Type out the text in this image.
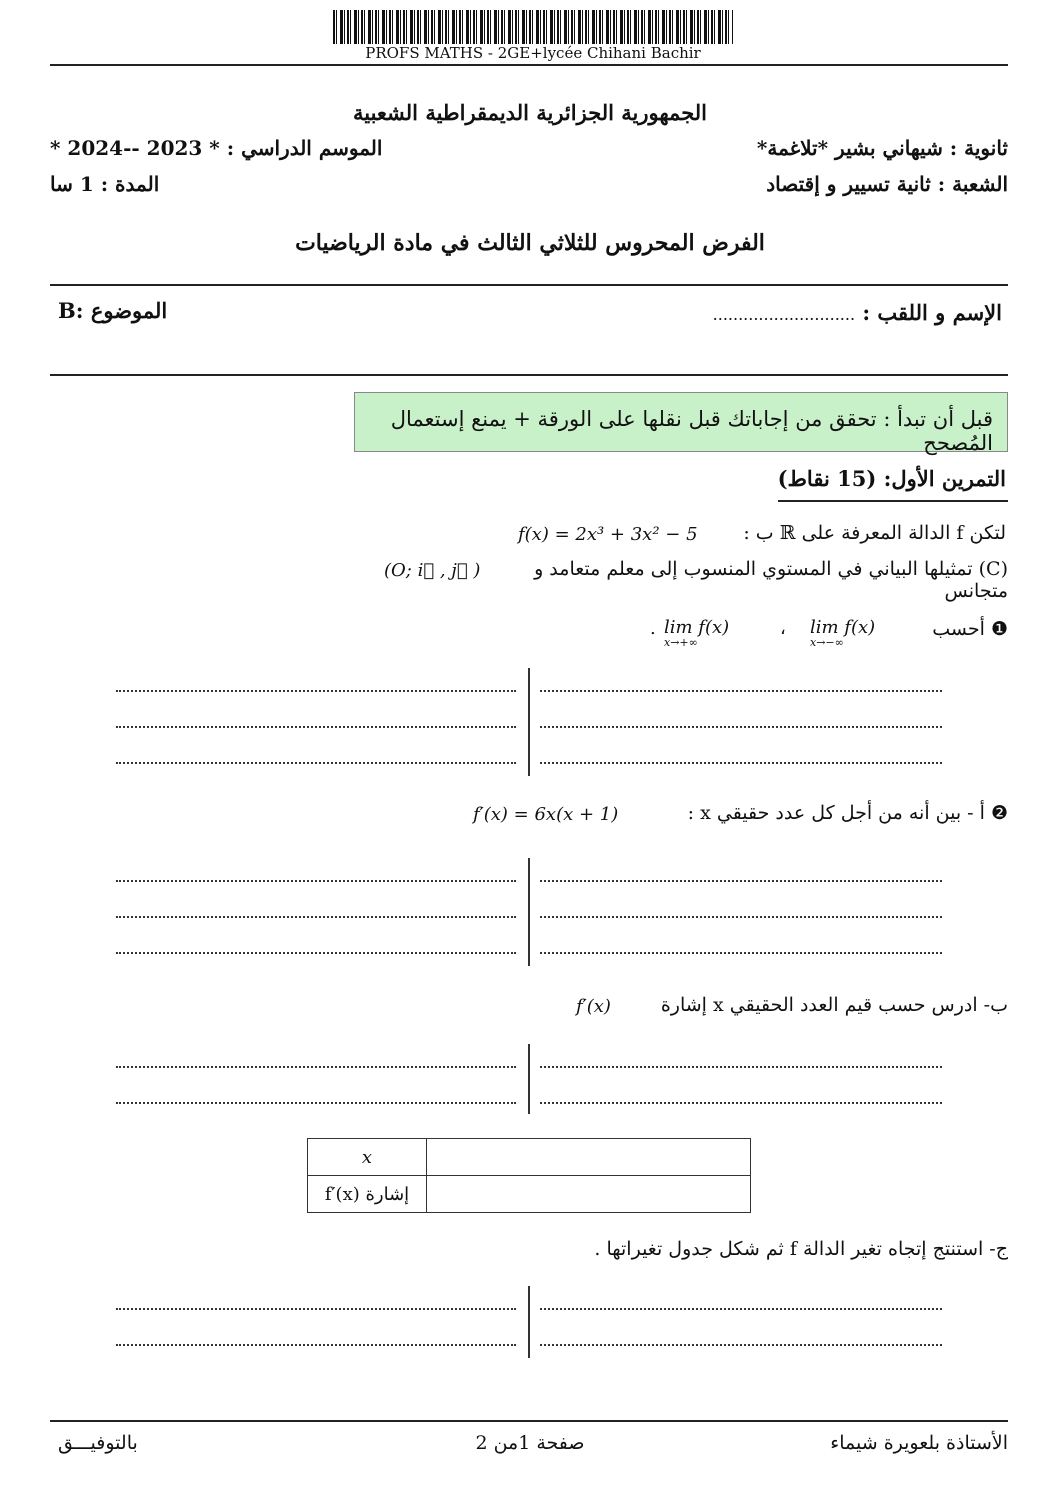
PROFS MATHS - 2GE+lycée Chihani Bachir
الجمهورية الجزائرية الديمقراطية الشعبية
ثانوية : شيهاني بشير *تلاغمة*
الموسم الدراسي : * 2023 --2024 *
الشعبة : ثانية تسيير و إقتصاد
المدة : 1 سا
الفرض المحروس للثلاثي الثالث في مادة الرياضيات
الإسم و اللقب : ............................
الموضوع :B
قبل أن تبدأ : تحقق من إجاباتك قبل نقلها على الورقة + يمنع إستعمال المُصحح
التمرين الأول: (15 نقاط)
لتكن f الدالة المعرفة على ℝ ب :
f(x) = 2x³ + 3x² − 5
(C) تمثيلها البياني في المستوي المنسوب إلى معلم متعامد و متجانس
(O; i⃗ , j⃗ )
❶ أحسب
lim f(x)
x→−∞
،
lim f(x)
x→+∞
.
❷ أ - بين أنه من أجل كل عدد حقيقي x :
f′(x) = 6x(x + 1)
ب- ادرس حسب قيم العدد الحقيقي x إشارة
f′(x)
x	
إشارة (f′(x	
ج- استنتج إتجاه تغير الدالة f ثم شكل جدول تغيراتها .
الأستاذة بلعويرة شيماء
صفحة 1من 2
بالتوفيـــق
